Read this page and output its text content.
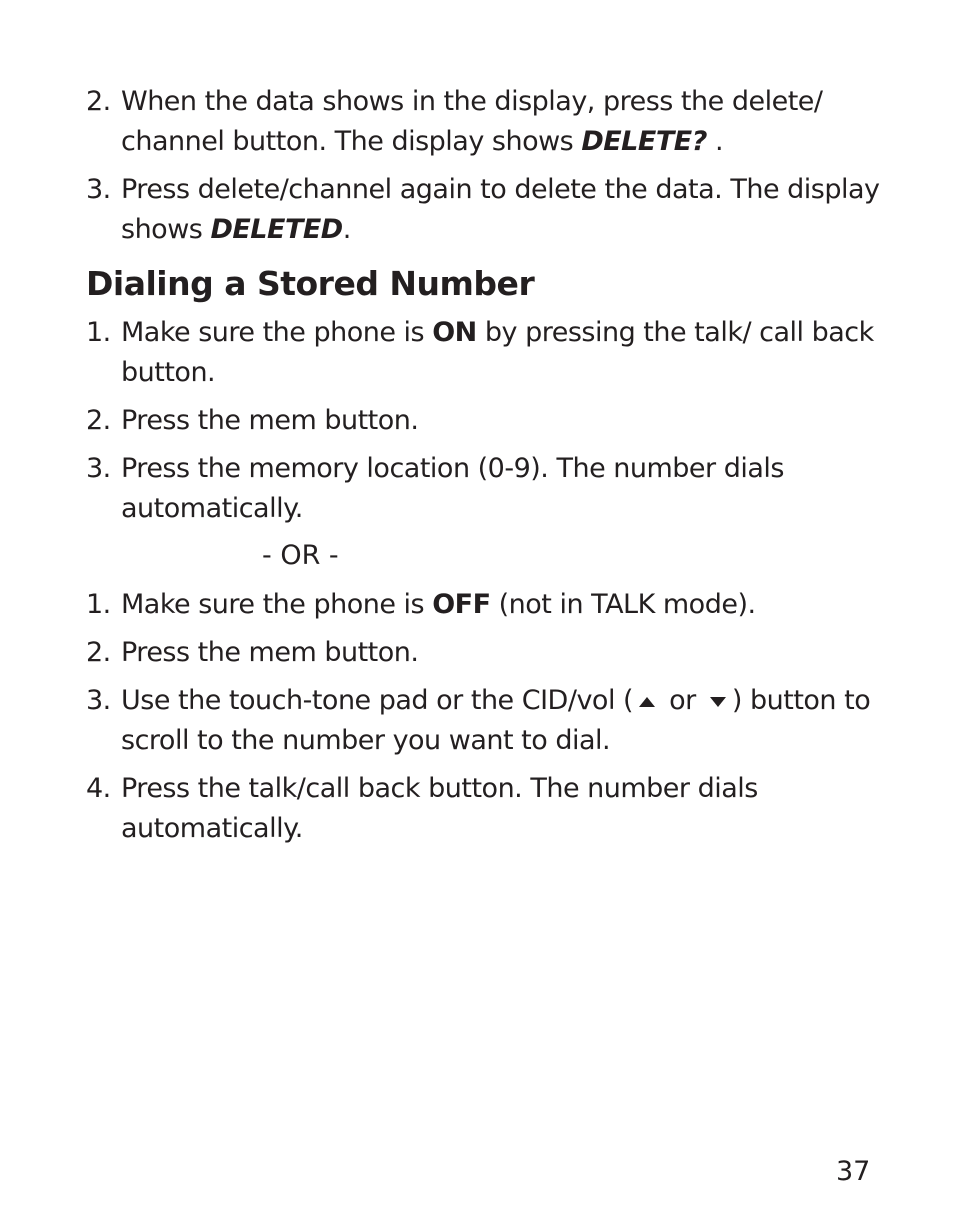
2. When the data shows in the display, press the delete/ channel button. The display shows DELETE? .
3. Press delete/channel again to delete the data. The display shows DELETED.
Dialing a Stored Number
1. Make sure the phone is ON by pressing the talk/ call back button.
2. Press the mem button.
3. Press the memory location (0-9). The number dials automatically.
- OR -
1. Make sure the phone is OFF (not in TALK mode).
2. Press the mem button.
3. Use the touch-tone pad or the CID/vol ( or ) button to scroll to the number you want to dial.
4. Press the talk/call back button. The number dials automatically.
37
